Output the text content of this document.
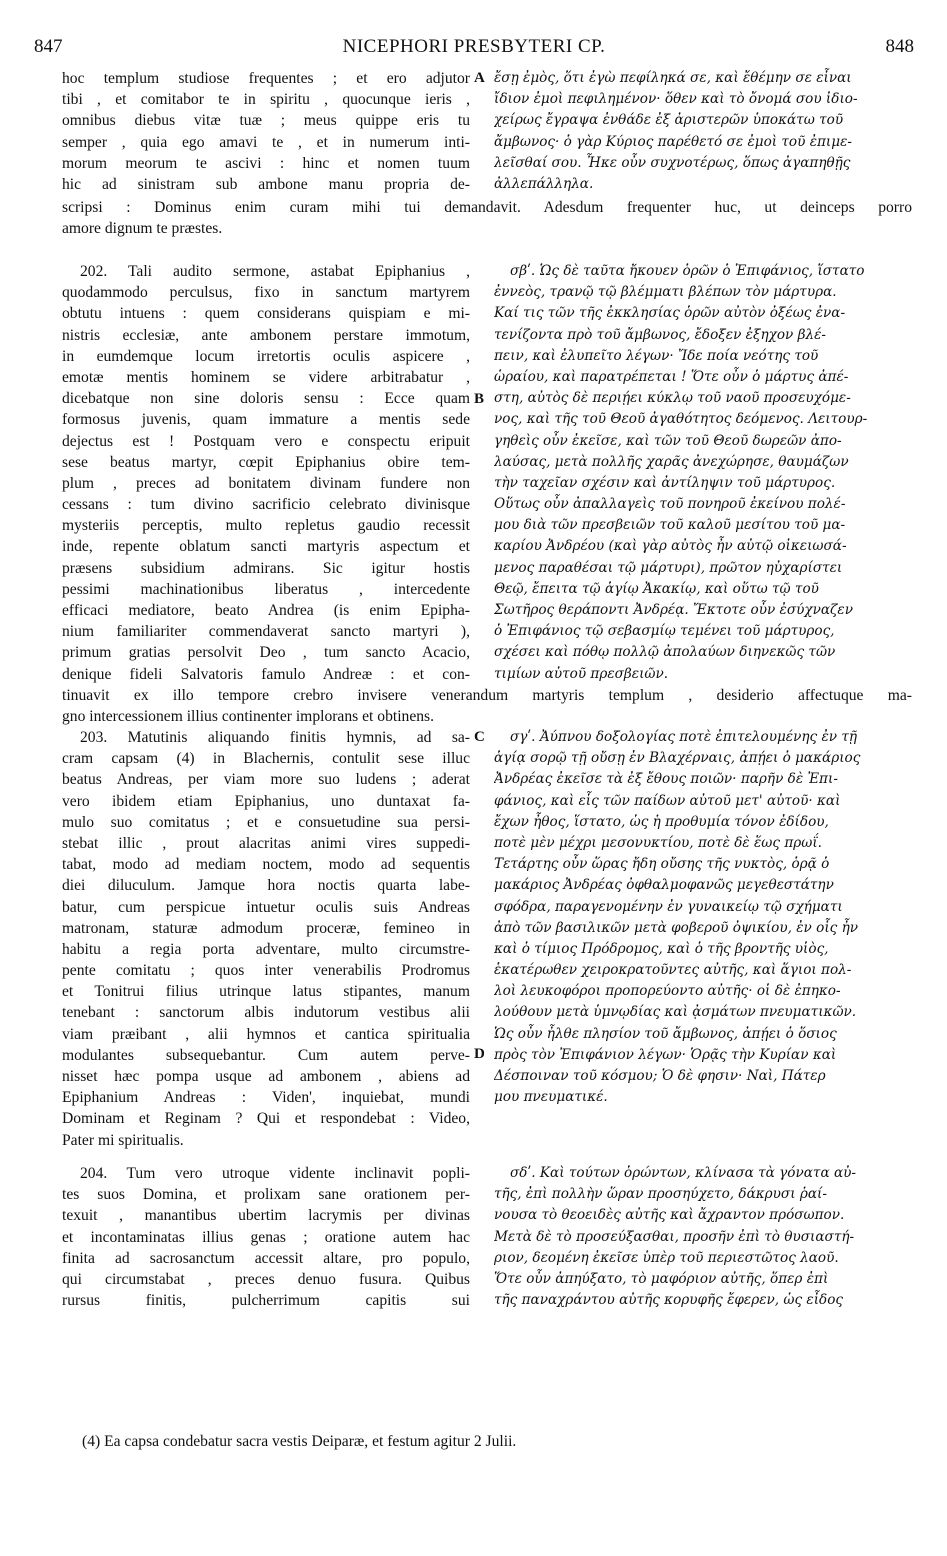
847	NICEPHORI PRESBYTERI CP.	848
hoc templum studiose frequentes ; et ero adjutor
tibi , et comitabor te in spiritu , quocunque ieris ,
omnibus diebus vitæ tuæ ; meus quippe eris tu
semper , quia ego amavi te , et in numerum inti-
morum meorum te ascivi : hinc et nomen tuum
hic ad sinistram sub ambone manu propria de-
A ἔσῃ ἐμὸς, ὅτι ἐγὼ πεφίληκά σε, καὶ ἔθέμην σε εἶναι
ἴδιον ἐμοὶ πεφιλημένον· ὅθεν καὶ τὸ ὄνομά σου ἰδιο-
χείρως ἔγραψα ἐνθάδε ἐξ ἀριστερῶν ὑποκάτω τοῦ
ἄμβωνος· ὁ γὰρ Κύριος παρέθετό σε ἐμοὶ τοῦ ἐπιμε-
λεῖσθαί σου. Ἦκε οὖν συχνοτέρως, ὅπως ἀγαπηθῇς
ἀλλεπάλληλα.
scripsi : Dominus enim curam mihi tui demandavit. Adesdum frequenter huc, ut deinceps porro
amore dignum te præstes.
202. Tali audito sermone, astabat Epiphanius ,
quodammodo perculsus, fixo in sanctum martyrem
obtutu intuens : quem considerans quispiam e mi-
nistris ecclesiæ, ante ambonem perstare immotum,
in eumdemque locum irretortis oculis aspicere ,
emotæ mentis hominem se videre arbitrabatur ,
dicebatque non sine doloris sensu : Ecce quam
formosus juvenis, quam immature a mentis sede
dejectus est ! Postquam vero e conspectu eripuit
sese beatus martyr, cœpit Epiphanius obire tem-
plum , preces ad bonitatem divinam fundere non
cessans : tum divino sacrificio celebrato divinisque
mysteriis perceptis, multo repletus gaudio recessit
inde, repente oblatum sancti martyris aspectum et
præsens subsidium admirans. Sic igitur hostis
pessimi machinationibus liberatus , intercedente
efficaci mediatore, beato Andrea (is enim Epipha-
nium familiariter commendaverat sancto martyri ),
primum gratias persolvit Deo , tum sancto Acacio,
denique fideli Salvatoris famulo Andreæ : et con-
B
σβʹ. Ὡς δὲ ταῦτα ἤκουεν ὁρῶν ὁ Ἐπιφάνιος, ἵστατο
ἐννεὸς, τρανῷ τῷ βλέμματι βλέπων τὸν μάρτυρα.
Καί τις τῶν τῆς ἐκκλησίας ὁρῶν αὐτὸν ὀξέως ἐνα-
τενίζοντα πρὸ τοῦ ἄμβωνος, ἔδοξεν ἐξηχον βλέ-
πειν, καὶ ἐλυπεῖτο λέγων· Ἴδε ποία νεότης τοῦ
ὡραίου, καὶ παρατρέπεται ! Ὅτε οὖν ὁ μάρτυς ἀπέ-
στη, αὐτὸς δὲ περιῄει κύκλῳ τοῦ ναοῦ προσευχόμε-
νος, καὶ τῆς τοῦ Θεοῦ ἀγαθότητος δεόμενος. Λειτουρ-
γηθεὶς οὖν ἐκεῖσε, καὶ τῶν τοῦ Θεοῦ δωρεῶν ἀπο-
λαύσας, μετὰ πολλῆς χαρᾶς ἀνεχώρησε, θαυμάζων
τὴν ταχεῖαν σχέσιν καὶ ἀντίληψιν τοῦ μάρτυρος.
Οὕτως οὖν ἀπαλλαγεὶς τοῦ πονηροῦ ἐκείνου πολέ-
μου διὰ τῶν πρεσβειῶν τοῦ καλοῦ μεσίτου τοῦ μα-
καρίου Ἀνδρέου (καὶ γὰρ αὐτὸς ἦν αὐτῷ οἰκειωσά-
μενος παραθέσαι τῷ μάρτυρι), πρῶτον ηὐχαρίστει
Θεῷ, ἔπειτα τῷ ἁγίῳ Ἀκακίῳ, καὶ οὕτω τῷ τοῦ
Σωτῆρος θεράποντι Ἀνδρέᾳ. Ἔκτοτε οὖν ἐσύχναζεν
ὁ Ἐπιφάνιος τῷ σεβασμίῳ τεμένει τοῦ μάρτυρος,
σχέσει καὶ πόθῳ πολλῷ ἀπολαύων διηνεκῶς τῶν
τιμίων αὐτοῦ πρεσβειῶν.
tinuavit ex illo tempore crebro invisere venerandum martyris templum , desiderio affectuque ma-
gno intercessionem illius continenter implorans et obtinens.
203. Matutinis aliquando finitis hymnis, ad sa-
cram capsam (4) in Blachernis, contulit sese illuc
beatus Andreas, per viam more suo ludens ; aderat
vero ibidem etiam Epiphanius, uno duntaxat fa-
mulo suo comitatus ; et e consuetudine sua persi-
stebat illic , prout alacritas animi vires suppedi-
tabat, modo ad mediam noctem, modo ad sequentis
diei diluculum. Jamque hora noctis quarta labe-
batur, cum perspicue intuetur oculis suis Andreas
matronam, staturæ admodum proceræ, femineo in
habitu a regia porta adventare, multo circumstre-
pente comitatu ; quos inter venerabilis Prodromus
et Tonitrui filius utrinque latus stipantes, manum
tenebant : sanctorum albis indutorum vestibus alii
viam præibant , alii hymnos et cantica spiritualia
modulantes subsequebantur. Cum autem perve-
nisset hæc pompa usque ad ambonem , abiens ad
Epiphanium Andreas : Viden', inquiebat, mundi
Dominam et Reginam ? Qui et respondebat : Video,
Pater mi spiritualis.
C
D
σγʹ. Ἀύπνου δοξολογίας ποτὲ ἐπιτελουμένης ἐν τῇ
ἁγίᾳ σορῷ τῇ οὔσῃ ἐν Βλαχέρναις, ἀπῄει ὁ μακάριος
Ἀνδρέας ἐκεῖσε τὰ ἐξ ἔθους ποιῶν· παρῆν δὲ Ἐπι-
φάνιος, καὶ εἷς τῶν παίδων αὐτοῦ μετ' αὐτοῦ· καὶ
ἔχων ἦθος, ἵστατο, ὡς ἡ προθυμία τόνον ἐδίδου,
ποτὲ μὲν μέχρι μεσονυκτίου, ποτὲ δὲ ἕως πρωΐ.
Τετάρτης οὖν ὥρας ἤδη οὔσης τῆς νυκτὸς, ὁρᾷ ὁ
μακάριος Ἀνδρέας ὀφθαλμοφανῶς μεγεθεστάτην
σφόδρα, παραγενομένην ἐν γυναικείῳ τῷ σχήματι
ἀπὸ τῶν βασιλικῶν μετὰ φοβεροῦ ὀψικίου, ἐν οἷς ἦν
καὶ ὁ τίμιος Πρόδρομος, καὶ ὁ τῆς βροντῆς υἱὸς,
ἑκατέρωθεν χειροκρατοῦντες αὐτῆς, καὶ ἅγιοι πολ-
λοὶ λευκοφόροι προπορεύοντο αὐτῆς· οἱ δὲ ἐπηκο-
λούθουν μετὰ ὑμνῳδίας καὶ ᾀσμάτων πνευματικῶν.
Ὡς οὖν ἦλθε πλησίον τοῦ ἄμβωνος, ἀπῄει ὁ ὅσιος
πρὸς τὸν Ἐπιφάνιον λέγων· Ὁρᾷς τὴν Κυρίαν καὶ
Δέσποιναν τοῦ κόσμου; Ὁ δὲ φησιν· Ναὶ, Πάτερ
μου πνευματικέ.
204. Tum vero utroque vidente inclinavit popli-
tes suos Domina, et prolixam sane orationem per-
texuit , manantibus ubertim lacrymis per divinas
et incontaminatas illius genas ; oratione autem hac
finita ad sacrosanctum accessit altare, pro populo,
qui circumstabat , preces denuo fusura. Quibus
rursus finitis, pulcherrimum capitis sui
σδʹ. Καὶ τούτων ὁρώντων, κλίνασα τὰ γόνατα αὐ-
τῆς, ἐπὶ πολλὴν ὥραν προσηύχετο, δάκρυσι ῥαί-
νουσα τὸ θεοειδὲς αὐτῆς καὶ ἄχραντον πρόσωπον.
Μετὰ δὲ τὸ προσεύξασθαι, προσῆν ἐπὶ τὸ θυσιαστή-
ριον, δεομένη ἐκεῖσε ὑπὲρ τοῦ περιεστῶτος λαοῦ.
Ὅτε οὖν ἀπηύξατο, τὸ μαφόριον αὐτῆς, ὅπερ ἐπὶ
τῆς παναχράντου αὐτῆς κορυφῆς ἔφερεν, ὡς εἶδος
(4) Ea capsa condebatur sacra vestis Deiparæ, et festum agitur 2 Julii.
